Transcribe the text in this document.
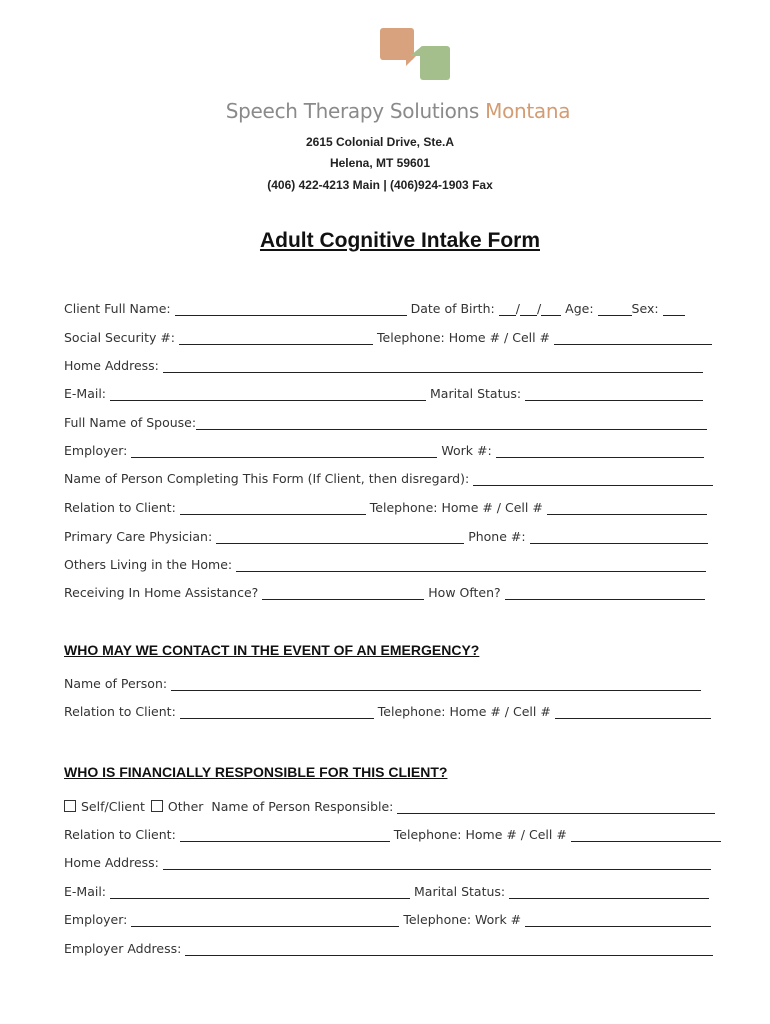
Speech Therapy Solutions Montana
2615 Colonial Drive, Ste.A
Helena, MT 59601
(406) 422-4213 Main | (406)924-1903 Fax
Adult Cognitive Intake Form
Client Full Name:	Date of Birth:	/ /	Age:	Sex:
Social Security #:	Telephone: Home # / Cell #
Home Address:
E-Mail:	Marital Status:
Full Name of Spouse:
Employer:	Work #:
Name of Person Completing This Form (If Client, then disregard):
Relation to Client:	Telephone: Home # / Cell #
Primary Care Physician:	Phone #:
Others Living in the Home:
Receiving In Home Assistance?	How Often?
WHO MAY WE CONTACT IN THE EVENT OF AN EMERGENCY?
Name of Person:
Relation to Client:	Telephone: Home # / Cell #
WHO IS FINANCIALLY RESPONSIBLE FOR THIS CLIENT?
Self/Client	Other Name of Person Responsible:
Relation to Client:	Telephone: Home # / Cell #
Home Address:
E-Mail:	Marital Status:
Employer:	Telephone: Work #
Employer Address:
